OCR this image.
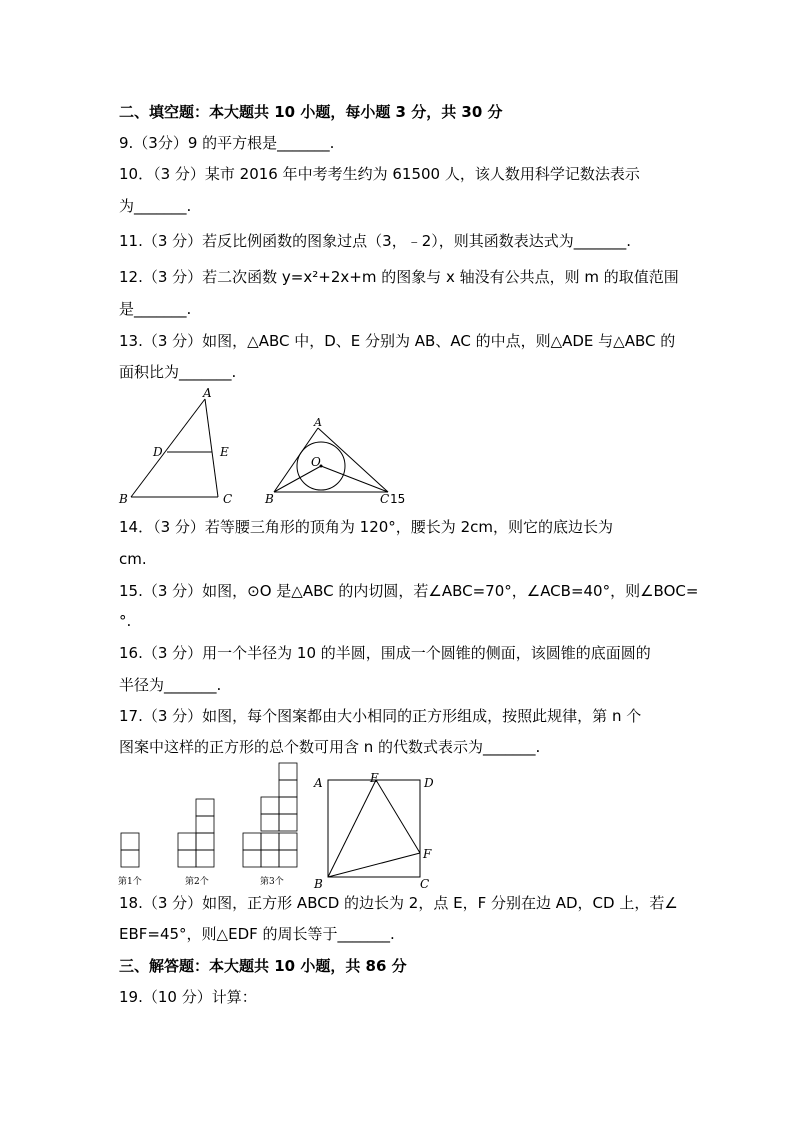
二、填空题：本大题共 10 小题，每小题 3 分，共 30 分
9.（3分）9 的平方根是_______.
10．（3 分）某市 2016 年中考考生约为 61500 人，该人数用科学记数法表示
为_______.
11.（3 分）若反比例函数的图象过点（3，﹣2），则其函数表达式为_______.
12.（3 分）若二次函数 y=x²+2x+m 的图象与 x 轴没有公共点，则 m 的取值范围
是_______.
13.（3 分）如图，△ABC 中，D、E 分别为 AB、AC 的中点，则△ADE 与△ABC 的
面积比为_______.
A
D	E
B	C
A
O
B	C 15
14．（3 分）若等腰三角形的顶角为 120°，腰长为 2cm，则它的底边长为
cm.
15.（3 分）如图，⊙O 是△ABC 的内切圆，若∠ABC=70°，∠ACB=40°，则∠BOC=
°.
16.（3 分）用一个半径为 10 的半圆，围成一个圆锥的侧面，该圆锥的底面圆的
半径为_______.
17.（3 分）如图，每个图案都由大小相同的正方形组成，按照此规律，第 n 个
图案中这样的正方形的总个数可用含 n 的代数式表示为_______.
第1个	第2个	第3个
A	E	D
F
B	C
18.（3 分）如图，正方形 ABCD 的边长为 2，点 E，F 分别在边 AD，CD 上，若∠
EBF=45°，则△EDF 的周长等于_______.
三、解答题：本大题共 10 小题，共 86 分
19.（10 分）计算：
